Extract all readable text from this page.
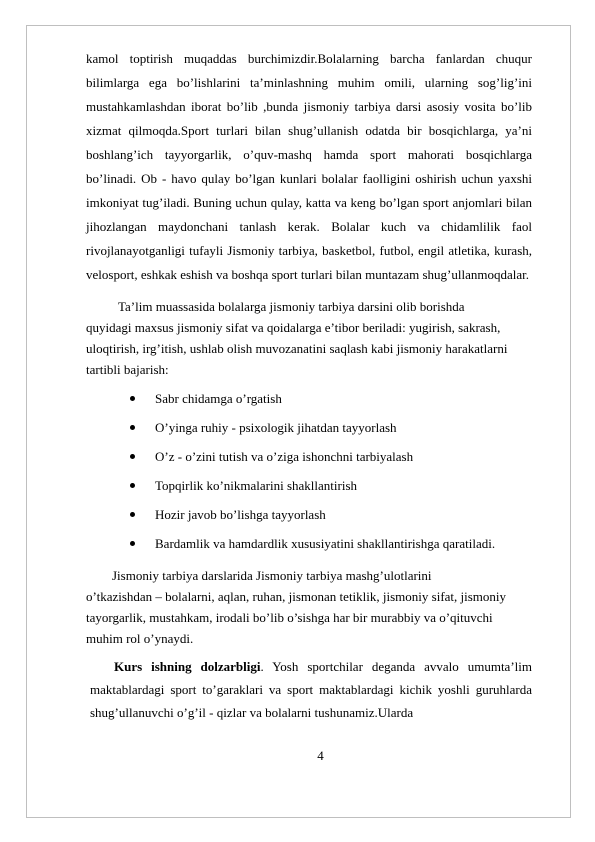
kamol toptirish muqaddas burchimizdir.Bolalarning barcha fanlardan chuqur bilimlarga ega bo’lishlarini ta’minlashning muhim omili, ularning sog’lig’ini mustahkamlashdan iborat bo’lib ,bunda jismoniy tarbiya darsi asosiy vosita bo’lib xizmat qilmoqda.Sport turlari bilan shug’ullanish odatda bir bosqichlarga, ya’ni boshlang’ich tayyorgarlik, o’quv-mashq hamda sport mahorati bosqichlarga bo’linadi. Ob - havo qulay bo’lgan kunlari bolalar faolligini oshirish uchun yaxshi imkoniyat tug’iladi. Buning uchun qulay, katta va keng bo’lgan sport anjomlari bilan jihozlangan maydonchani tanlash kerak. Bolalar kuch va chidamlilik faol rivojlanayotganligi tufayli Jismoniy tarbiya, basketbol, futbol, engil atletika, kurash, velosport, eshkak eshish va boshqa sport turlari bilan muntazam shug’ullanmoqdalar.

Ta’lim muassasida bolalarga jismoniy tarbiya darsini olib borishda
quyidagi maxsus jismoniy sifat va qoidalarga e’tibor beriladi: yugirish, sakrash, uloqtirish, irg’itish, ushlab olish muvozanatini saqlash kabi jismoniy harakatlarni tartibli bajarish:

Sabr chidamga o’rgatish
O’yinga ruhiy - psixologik jihatdan tayyorlash
O’z - o’zini tutish va o’ziga ishonchni tarbiyalash
Topqirlik ko’nikmalarini shakllantirish
Hozir javob bo’lishga tayyorlash
Bardamlik va hamdardlik xususiyatini shakllantirishga qaratiladi.

Jismoniy tarbiya darslarida Jismoniy tarbiya mashg’ulotlarini
o’tkazishdan – bolalarni, aqlan, ruhan, jismonan tetiklik, jismoniy sifat, jismoniy tayorgarlik, mustahkam, irodali bo’lib o’sishga har bir murabbiy va o’qituvchi muhim rol o’ynaydi.

Kurs ishning dolzarbligi. Yosh sportchilar deganda avvalo umumta’lim maktablardagi sport to’garaklari va sport maktablardagi kichik yoshli guruhlarda shug’ullanuvchi o’g’il - qizlar va bolalarni tushunamiz.Ularda

4
